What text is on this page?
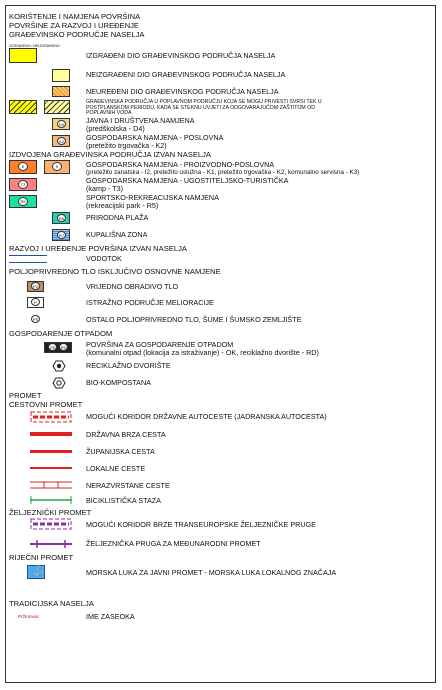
KORIŠTENJE I NAMJENA POVRŠINA
POVRŠINE ZA RAZVOJ I UREĐENJE
GRAĐEVINSKO PODRUČJE NASELJA
IZGRAĐENO / NEIZGRAĐENO
IZGRAĐENI DIO GRAĐEVINSKOG PODRUČJA NASELJA
NEIZGRAĐENI DIO GRAĐEVINSKOG PODRUČJA NASELJA
NEUREĐENI DIO GRAĐEVINSKOG PODRUČJA NASELJA
GRAĐEVINSKA PODRUČJA U POPLAVNOM PODRUČJU KOJA SE MOGU PRIVESTI SVRSI TEK U POSTPLANSKOM PERIODU, KADA SE STEKNU UVJETI ZA ODGOVARAJUĆOM ZAŠTITOM OD POPLAVNIH VODA
D4	JAVNA I DRUŠTVENA NAMJENA
(predškolska - D4)
K2	GOSPODARSKA NAMJENA - POSLOVNA
(pretežito trgovačka - K2)
IZDVOJENA GRAĐEVINSKA PODRUČJA IZVAN NASELJA
K	K	GOSPODARSKA NAMJENA - PROIZVODNO-POSLOVNA
(pretežito zanatska - I2, pretežito uslužna - K1, pretežito trgovačka - K2, komunalno servisna - K3)
T3	GOSPODARSKA NAMJENA - UGOSTITELJSKO-TURISTIČKA
(kamp - T3)
R5	SPORTSKO-REKREACIJSKA NAMJENA
(rekreacijski park - R5)
R6	PRIRODNA PLAŽA
R7	KUPALIŠNA ZONA
RAZVOJ I UREĐENJE POVRŠINA IZVAN NASELJA
VODOTOK
POLJOPRIVREDNO TLO ISKLJUČIVO OSNOVNE NAMJENE
P2	VRIJEDNO OBRADIVO TLO
P	ISTRAŽNO PODRUČJE MELIORACIJE
PŠ	OSTALO POLJOPRIVREDNO TLO, ŠUME I ŠUMSKO ZEMLJIŠTE
GOSPODARENJE OTPADOM
OK	RD	POVRŠINA ZA GOSPODARENJE OTPADOM
(komunalni otpad (lokacija za istraživanje) - OK, reciklažno dvorište - RD)
RECIKLAŽNO DVORIŠTE
BIO-KOMPOSTANA
PROMET
CESTOVNI PROMET
MOGUĆI KORIDOR DRŽAVNE AUTOCESTE (JADRANSKA AUTOCESTA)
DRŽAVNA BRZA CESTA
ŽUPANIJSKA CESTA
LOKALNE CESTE
NERAZVRSTANE CESTE
BICIKLISTIČKA STAZA
ŽELJEZNIČKI PROMET
MOGUĆI KORIDOR BRZE TRANSEUROPSKE ŽELJEZNIČKE PRUGE
ŽELJEZNIČKA PRUGA ZA MEĐUNARODNI PROMET
RIJEČNI PROMET
⚓	MORSKA LUKA ZA JAVNI PROMET - MORSKA LUKA LOKALNOG ZNAČAJA
TRADICIJSKA NASELJA
Pržinovac	IME ZASEOKA
